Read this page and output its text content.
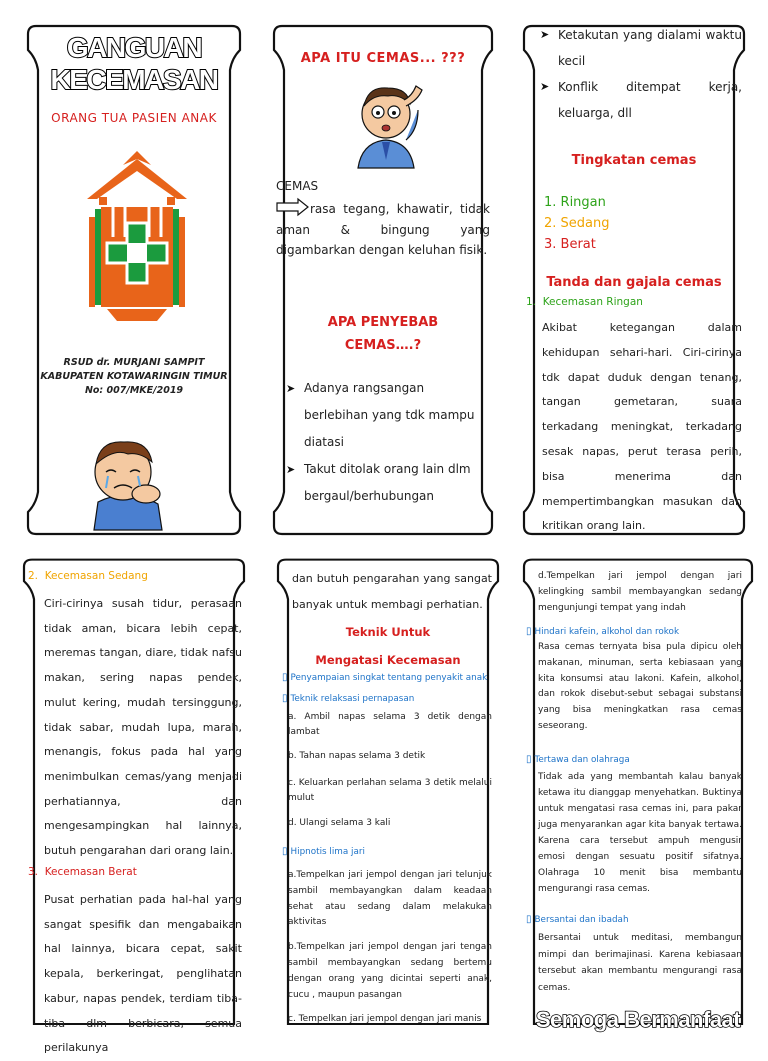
GANGUAN KECEMASAN
ORANG TUA PASIEN ANAK
RSUD dr. MURJANI SAMPIT
KABUPATEN KOTAWARINGIN TIMUR
No: 007/MKE/2019
APA ITU CEMAS... ???
CEMAS
rasa tegang, khawatir, tidak aman & bingung yang digambarkan dengan keluhan fisik.
APA PENYEBAB
CEMAS….?
➤ Adanya rangsangan berlebihan yang tdk mampu diatasi
➤ Takut ditolak orang lain dlm bergaul/berhubungan
➤ Ketakutan yang dialami waktu kecil
➤ Konflik ditempat kerja, keluarga, dll
Tingkatan cemas
1. Ringan
2. Sedang
3. Berat
Tanda dan gajala cemas
1.  Kecemasan Ringan
Akibat ketegangan dalam kehidupan sehari-hari. Ciri-cirinya tdk dapat duduk dengan tenang, tangan gemetaran, suara terkadang meningkat, terkadang sesak napas, perut terasa perih, bisa menerima dan mempertimbangkan masukan dan kritikan orang lain.
2.  Kecemasan Sedang
Ciri-cirinya susah tidur, perasaan tidak aman, bicara lebih cepat, meremas tangan, diare, tidak nafsu makan, sering napas pendek, mulut kering, mudah tersinggung, tidak sabar, mudah lupa, marah, menangis, fokus pada hal yang menimbulkan cemas/yang menjadi perhatiannya, dan mengesampingkan hal lainnya, butuh pengarahan dari orang lain.
3.  Kecemasan Berat
Pusat perhatian pada hal-hal yang sangat spesifik dan mengabaikan hal lainnya, bicara cepat, sakit kepala, berkeringat, penglihatan kabur, napas pendek, terdiam tiba-tiba dlm berbicara, semua perilakunya
dan butuh pengarahan yang sangat banyak untuk membagi perhatian.
Teknik Untuk
Mengatasi Kecemasan
▯ Penyampaian singkat tentang penyakit anak
▯ Teknik relaksasi pernapasan
a. Ambil napas selama 3 detik dengan lambat
b. Tahan napas selama 3 detik
c. Keluarkan perlahan selama 3 detik melalui mulut
d. Ulangi selama 3 kali
▯ Hipnotis lima jari
a.Tempelkan jari jempol dengan jari telunjuk sambil membayangkan dalam keadaan sehat atau sedang dalam melakukan aktivitas
b.Tempelkan jari jempol dengan jari tengah sambil membayangkan sedang bertemu dengan orang yang dicintai seperti anak, cucu , maupun pasangan
c. Tempelkan jari jempol dengan jari manis
d.Tempelkan jari jempol dengan jari kelingking sambil membayangkan sedang mengunjungi tempat yang indah
▯ Hindari kafein, alkohol dan rokok
Rasa cemas ternyata bisa pula dipicu oleh makanan, minuman, serta kebiasaan yang kita konsumsi atau lakoni. Kafein, alkohol, dan rokok disebut-sebut sebagai substansi yang bisa meningkatkan rasa cemas seseorang.
▯ Tertawa dan olahraga
Tidak ada yang membantah kalau banyak ketawa itu dianggap menyehatkan. Buktinya untuk mengatasi rasa cemas ini, para pakar juga menyarankan agar kita banyak tertawa. Karena cara tersebut ampuh mengusir emosi dengan sesuatu positif sifatnya. Olahraga 10 menit bisa membantu mengurangi rasa cemas.
▯ Bersantai dan ibadah
Bersantai untuk meditasi, membangun mimpi dan berimajinasi. Karena kebiasaan tersebut akan membantu mengurangi rasa cemas.
Semoga Bermanfaat
